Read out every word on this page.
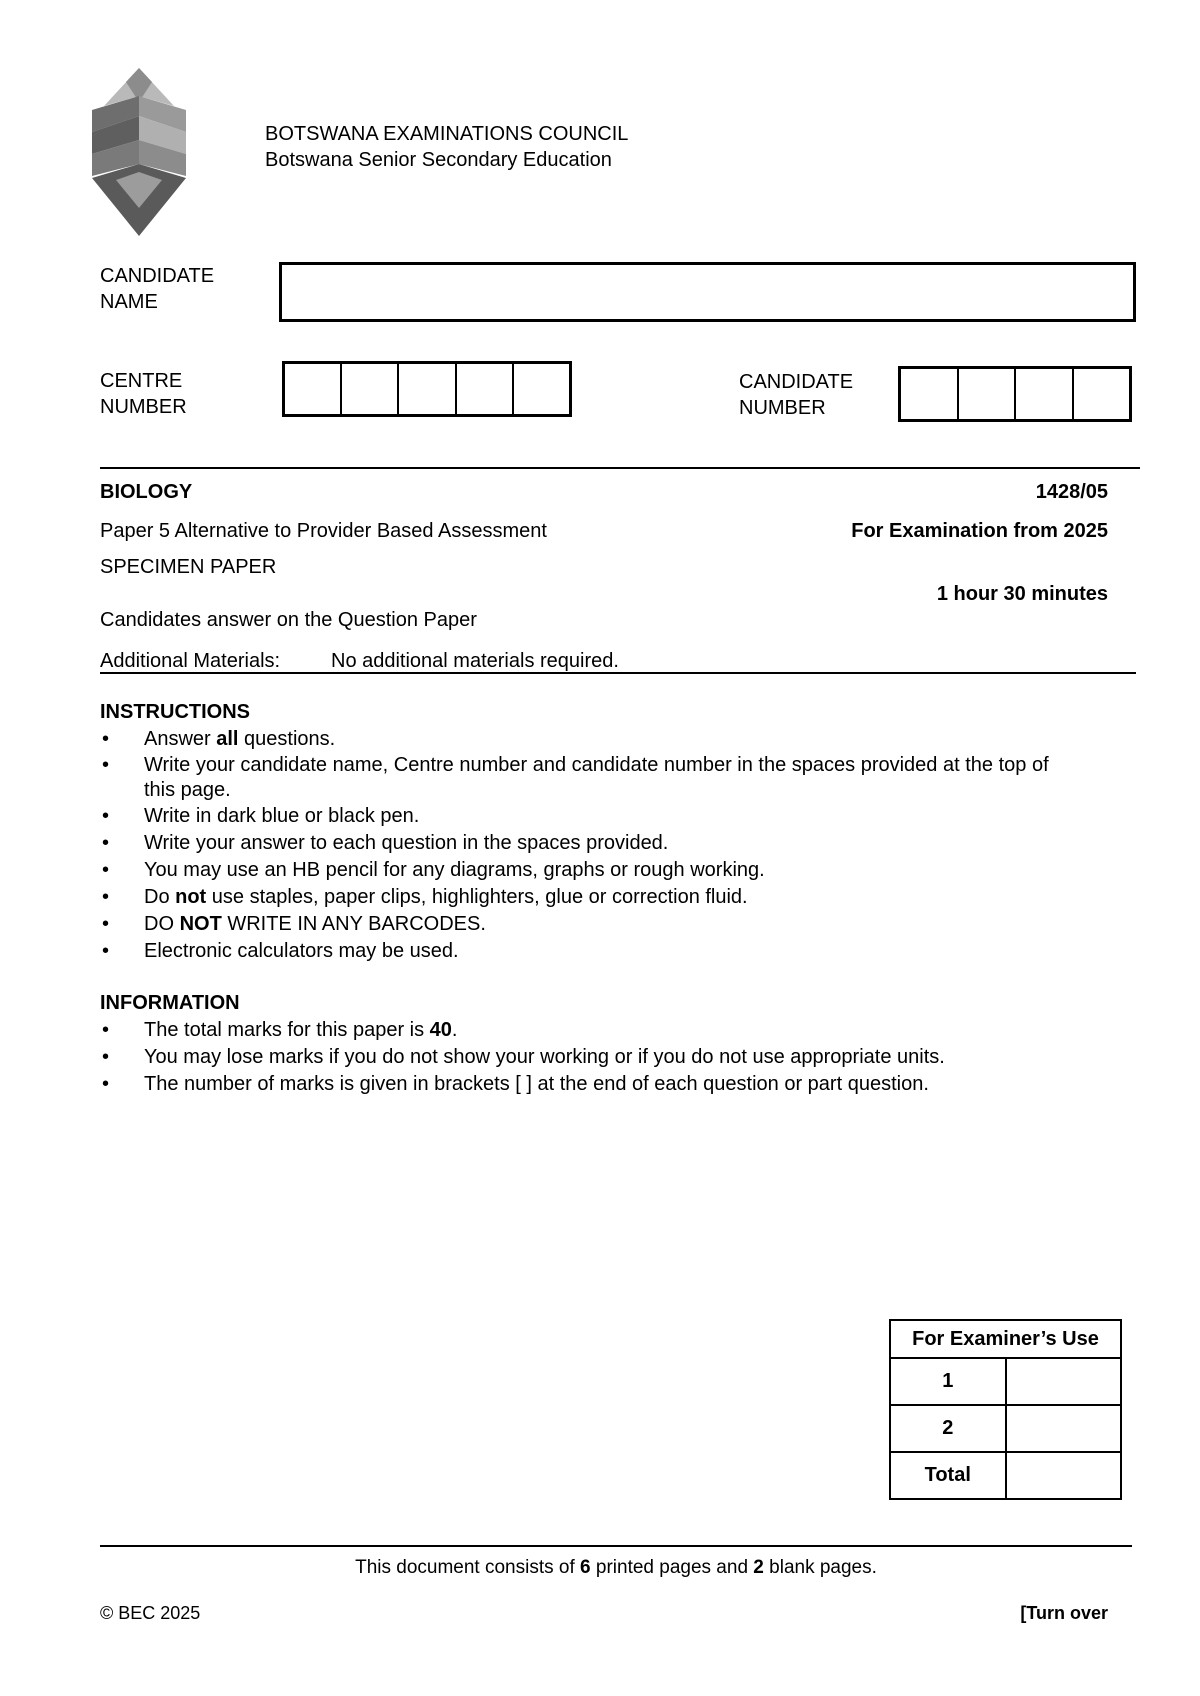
BOTSWANA EXAMINATIONS COUNCIL
Botswana Senior Secondary Education
CANDIDATE
NAME
CENTRE
NUMBER
CANDIDATE
NUMBER
BIOLOGY	1428/05
Paper 5 Alternative to Provider Based Assessment	For Examination from 2025
SPECIMEN PAPER
1 hour 30 minutes
Candidates answer on the Question Paper
Additional Materials:	No additional materials required.
INSTRUCTIONS
• Answer all questions.
• Write your candidate name, Centre number and candidate number in the spaces provided at the top of this page.
• Write in dark blue or black pen.
• Write your answer to each question in the spaces provided.
• You may use an HB pencil for any diagrams, graphs or rough working.
• Do not use staples, paper clips, highlighters, glue or correction fluid.
• DO NOT WRITE IN ANY BARCODES.
• Electronic calculators may be used.
INFORMATION
• The total marks for this paper is 40.
• You may lose marks if you do not show your working or if you do not use appropriate units.
• The number of marks is given in brackets [ ] at the end of each question or part question.
For Examiner’s Use	
1	
2	
Total	
This document consists of 6 printed pages and 2 blank pages.
© BEC 2025	[Turn over
